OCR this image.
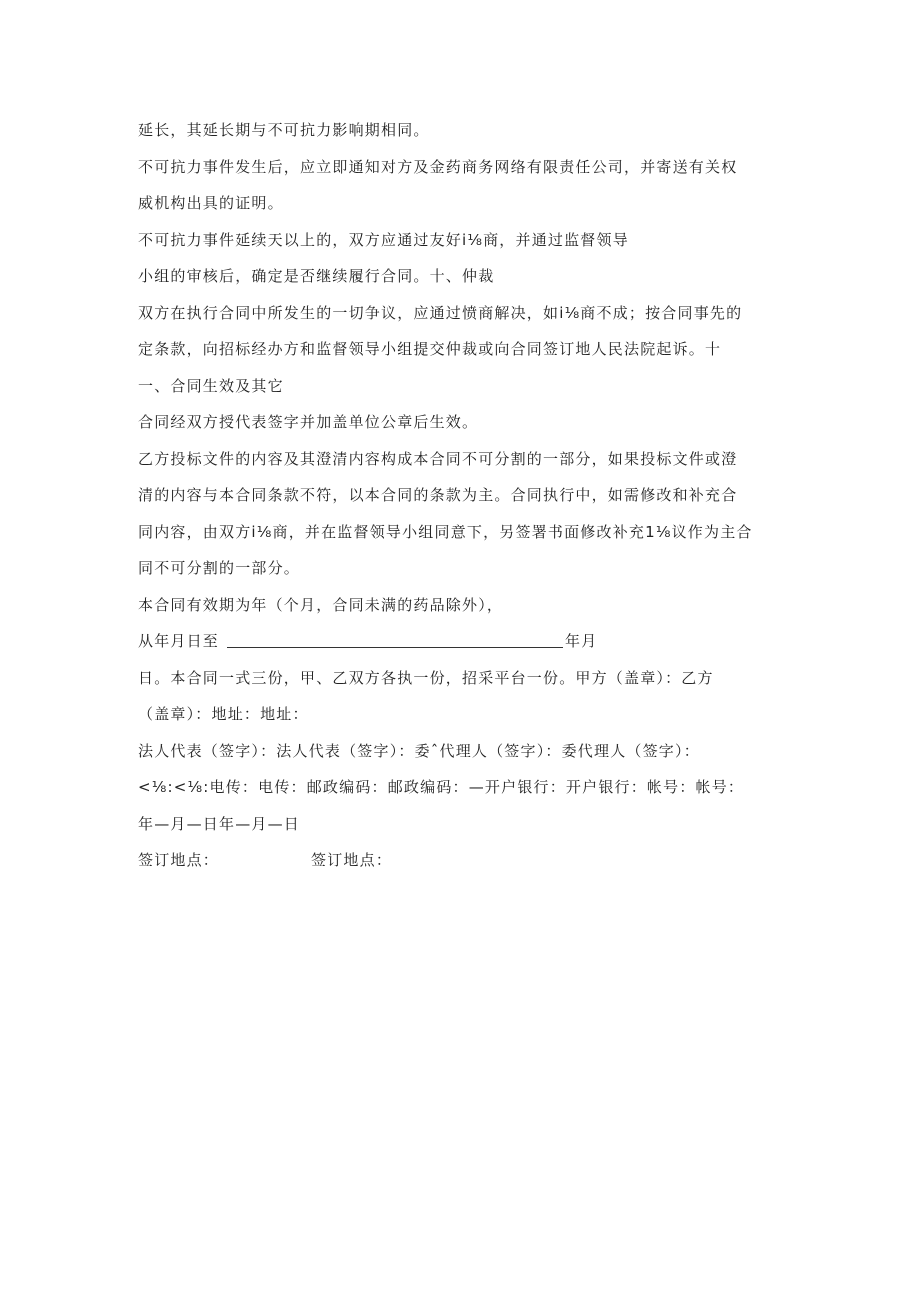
延长，其延长期与不可抗力影响期相同。
不可抗力事件发生后，应立即通知对方及金药商务网络有限责任公司，并寄送有关权
威机构出具的证明。
不可抗力事件延续天以上的，双方应通过友好i⅛商，并通过监督领导
小组的审核后，确定是否继续履行合同。十、仲裁
双方在执行合同中所发生的一切争议，应通过愤商解决，如i⅛商不成；按合同事先的
定条款，向招标经办方和监督领导小组提交仲裁或向合同签订地人民法院起诉。十
一、合同生效及其它
合同经双方授代表签字并加盖单位公章后生效。
乙方投标文件的内容及其澄清内容构成本合同不可分割的一部分，如果投标文件或澄
清的内容与本合同条款不符，以本合同的条款为主。合同执行中，如需修改和补充合
同内容，由双方i⅛商，并在监督领导小组同意下，另签署书面修改补充1⅛议作为主合
同不可分割的一部分。
本合同有效期为年（个月，合同未满的药品除外），
从年月日至	年月
日。本合同一式三份，甲、乙双方各执一份，招采平台一份。甲方（盖章）：乙方
（盖章）：地址：地址：
法人代表（签字）：法人代表（签字）：委ˆ代理人（签字）：委代理人（签字）：
<⅛:<⅛:电传：电传：邮政编码：邮政编码：—开户银行：开户银行：帐号：帐号：
年—月—日年—月—日
签订地点：	签订地点：
